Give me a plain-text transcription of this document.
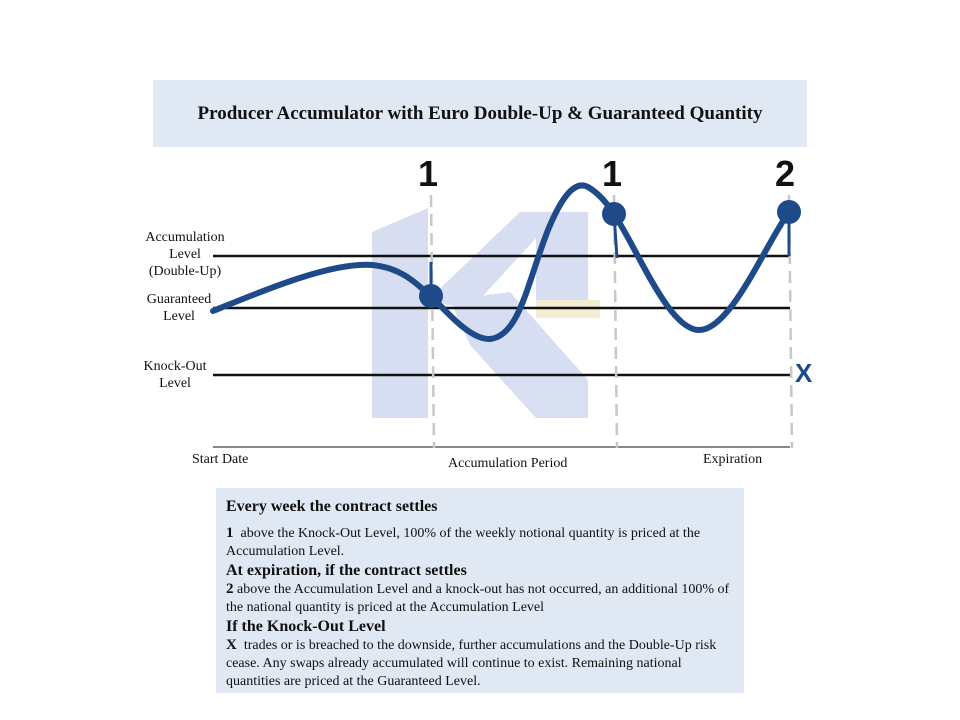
Producer Accumulator with Euro Double-Up & Guaranteed Quantity
Accumulation
Level
(Double-Up)
Guaranteed
Level
Knock-Out
Level
1	1	2
X
Start Date	Accumulation Period	Expiration
Every week the contract settles

1 above the Knock-Out Level, 100% of the weekly notional quantity is priced at the Accumulation Level.

At expiration, if the contract settles

2 above the Accumulation Level and a knock-out has not occurred, an additional 100% of the national quantity is priced at the Accumulation Level

If the Knock-Out Level

X trades or is breached to the downside, further accumulations and the Double-Up risk cease. Any swaps already accumulated will continue to exist. Remaining national quantities are priced at the Guaranteed Level.
